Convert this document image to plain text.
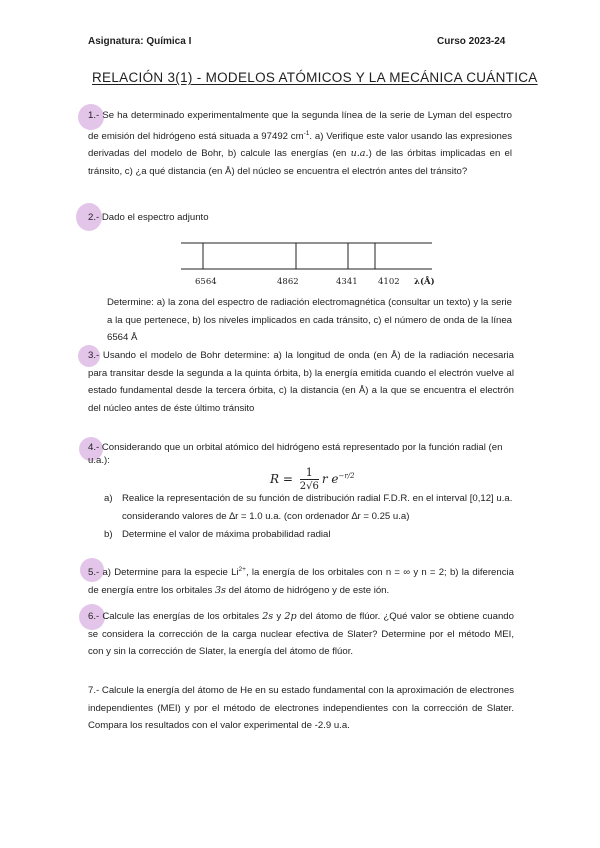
Asignatura: Química I	Curso 2023-24
RELACIÓN 3(1) - MODELOS ATÓMICOS Y LA MECÁNICA CUÁNTICA
1.- Se ha determinado experimentalmente que la segunda línea de la serie de Lyman del espectro de emisión del hidrógeno está situada a 97492 $cm^{-1}$. a) Verifique este valor usando las expresiones derivadas del modelo de Bohr, b) calcule las energías (en u.a.) de las órbitas implicadas en el tránsito, c) ¿a qué distancia (en Å) del núcleo se encuentra el electrón antes del tránsito?
2.- Dado el espectro adjunto
6564	4862	4341 4102 λ(Å)
Determine: a) la zona del espectro de radiación electromagnética (consultar un texto) y la serie a la que pertenece, b) los niveles implicados en cada tránsito, c) el número de onda de la línea 6564 Å
3.- Usando el modelo de Bohr determine: a) la longitud de onda (en Å) de la radiación necesaria para transitar desde la segunda a la quinta órbita, b) la energía emitida cuando el electrón vuelve al estado fundamental desde la tercera órbita, c) la distancia (en Å) a la que se encuentra el electrón del núcleo antes de éste último tránsito
4.- Considerando que un orbital atómico del hidrógeno está representado por la función radial (en u.a.):
$R = \frac{1}{2√6}$ r $e^{-r/2}$
a) Realice la representación de su función de distribución radial F.D.R. en el interval [0,12] u.a. considerando valores de ∆r = 1.0 u.a. (con ordenador ∆r = 0.25 u.a)
b) Determine el valor de máxima probabilidad radial
5.- a) Determine para la especie $Li^{2+}$, la energía de los orbitales con n = ∞ y n = 2; b) la diferencia de energía entre los orbitales 3s del átomo de hidrógeno y de este ión.
6.- Calcule las energías de los orbitales 2s y 2p del átomo de flúor. ¿Qué valor se obtiene cuando se considera la corrección de la carga nuclear efectiva de Slater? Determine por el método MEI, con y sin la corrección de Slater, la energía del átomo de flúor.
7.- Calcule la energía del átomo de He en su estado fundamental con la aproximación de electrones independientes (MEI) y por el método de electrones independientes con la corrección de Slater. Compara los resultados con el valor experimental de -2.9 u.a.
